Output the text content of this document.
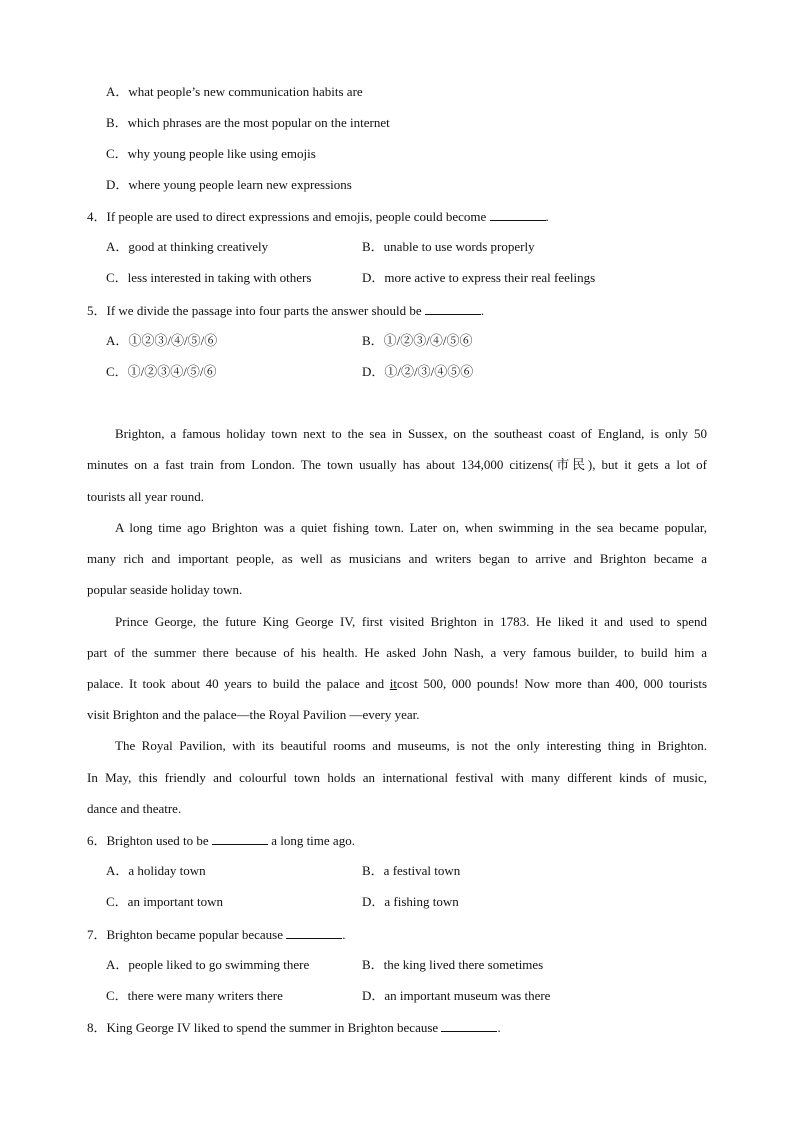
A．what people’s new communication habits are
B．which phrases are the most popular on the internet
C．why young people like using emojis
D．where young people learn new expressions
4．If people are used to direct expressions and emojis, people could become	.
A．good at thinking creatively	B．unable to use words properly
C．less interested in taking with others	D．more active to express their real feelings
5．If we divide the passage into four parts the answer should be	.
A．①②③/④/⑤/⑥	B．①/②③/④/⑤⑥
C．①/②③④/⑤/⑥	D．①/②/③/④⑤⑥
Brighton, a famous holiday town next to the sea in Sussex, on the southeast coast of England, is only 50
minutes on a fast train from London. The town usually has about 134,000 citizens(市民), but it gets a lot of
tourists all year round.
A long time ago Brighton was a quiet fishing town. Later on, when swimming in the sea became popular,
many rich and important people, as well as musicians and writers began to arrive and Brighton became a
popular seaside holiday town.
Prince George, the future King George IV, first visited Brighton in 1783. He liked it and used to spend
part of the summer there because of his health. He asked John Nash, a very famous builder, to build him a
palace. It took about 40 years to build the palace and itcost 500, 000 pounds! Now more than 400, 000 tourists
visit Brighton and the palace—the Royal Pavilion —every year.
The Royal Pavilion, with its beautiful rooms and museums, is not the only interesting thing in Brighton.
In May, this friendly and colourful town holds an international festival with many different kinds of music,
dance and theatre.
6．Brighton used to be	a long time ago.
A．a holiday town	B．a festival town
C．an important town	D．a fishing town
7．Brighton became popular because	.
A．people liked to go swimming there	B．the king lived there sometimes
C．there were many writers there	D．an important museum was there
8．King George IV liked to spend the summer in Brighton because	.
